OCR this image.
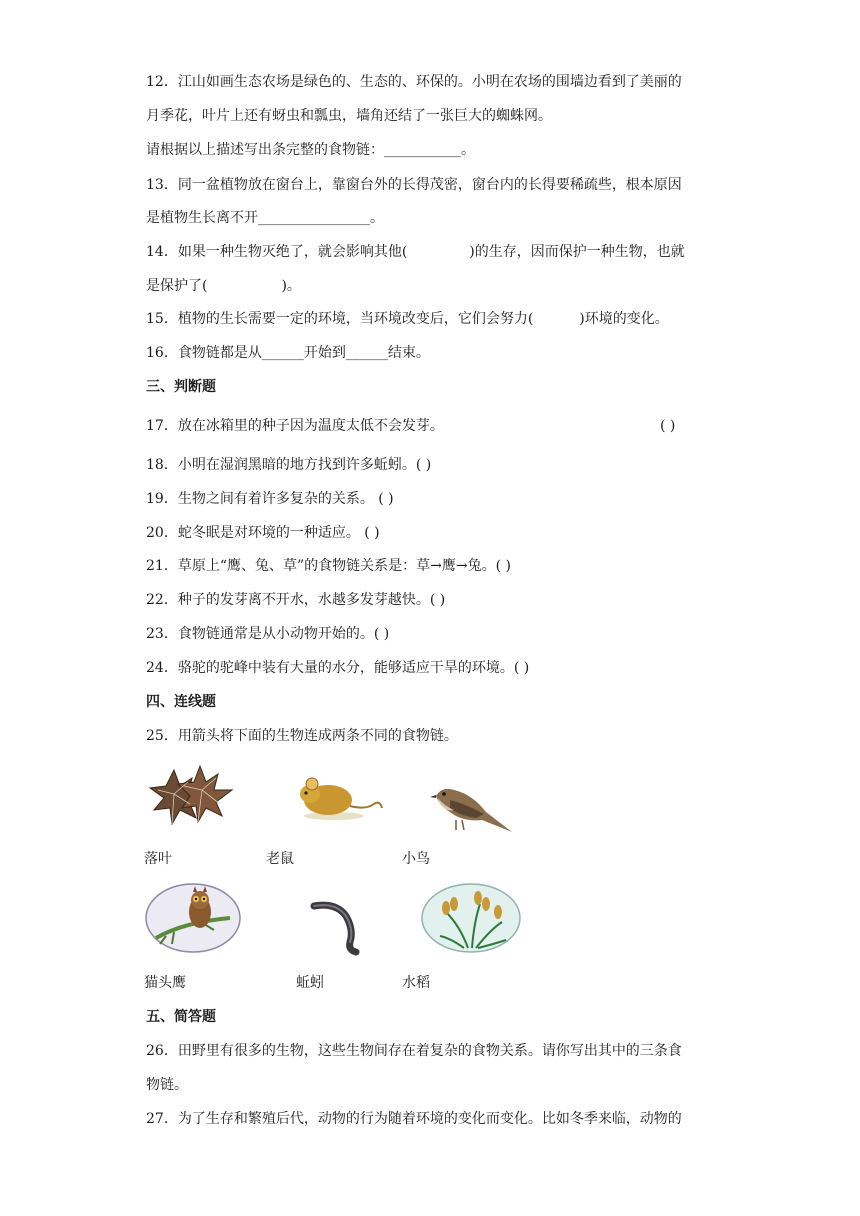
12．江山如画生态农场是绿色的、生态的、环保的。小明在农场的围墙边看到了美丽的
月季花，叶片上还有蚜虫和瓢虫，墙角还结了一张巨大的蜘蛛网。
请根据以上描述写出条完整的食物链：___________。
13．同一盆植物放在窗台上，靠窗台外的长得茂密，窗台内的长得要稀疏些，根本原因
是植物生长离不开________________。
14．如果一种生物灭绝了，就会影响其他(	)的生存，因而保护一种生物，也就
是保护了(	)。
15．植物的生长需要一定的环境，当环境改变后，它们会努力(	)环境的变化。
16．食物链都是从______开始到______结束。
三、判断题
17．放在冰箱里的种子因为温度太低不会发芽。	( )
18．小明在湿润黑暗的地方找到许多蚯蚓。( )
19．生物之间有着许多复杂的关系。 ( )
20．蛇冬眠是对环境的一种适应。 ( )
21．草原上“鹰、兔、草”的食物链关系是：草→鹰→兔。( )
22．种子的发芽离不开水，水越多发芽越快。( )
23．食物链通常是从小动物开始的。( )
24．骆驼的驼峰中装有大量的水分，能够适应干旱的环境。( )
四、连线题
25．用箭头将下面的生物连成两条不同的食物链。
落叶	老鼠	小鸟
猫头鹰	蚯蚓	水稻
五、简答题
26．田野里有很多的生物，这些生物间存在着复杂的食物关系。请你写出其中的三条食
物链。
27．为了生存和繁殖后代，动物的行为随着环境的变化而变化。比如冬季来临，动物的
